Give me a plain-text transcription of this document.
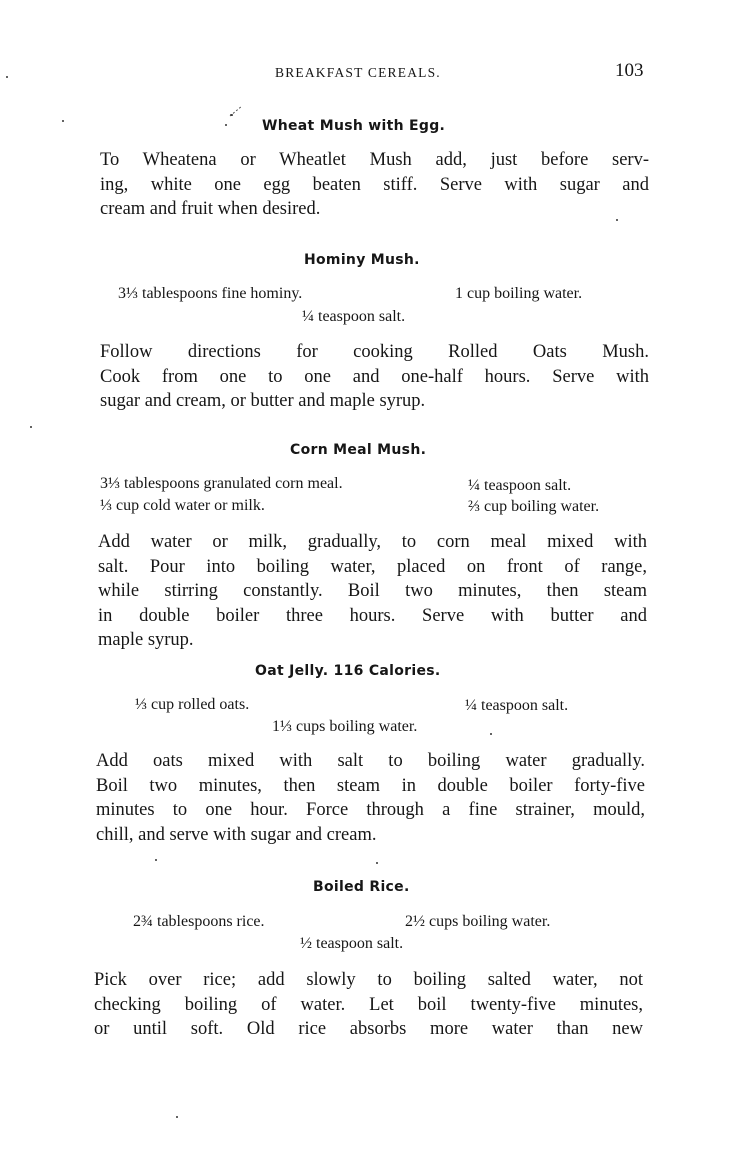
BREAKFAST CEREALS.	103
Wheat Mush with Egg.
To Wheatena or Wheatlet Mush add, just before serv-
ing, white one egg beaten stiff. Serve with sugar and
cream and fruit when desired.
Hominy Mush.
3⅓ tablespoons fine hominy.	1 cup boiling water.
¼ teaspoon salt.
Follow directions for cooking Rolled Oats Mush.
Cook from one to one and one-half hours. Serve with
sugar and cream, or butter and maple syrup.
Corn Meal Mush.
3⅓ tablespoons granulated corn meal.	¼ teaspoon salt.
⅓ cup cold water or milk.	⅔ cup boiling water.
Add water or milk, gradually, to corn meal mixed with
salt. Pour into boiling water, placed on front of range,
while stirring constantly. Boil two minutes, then steam
in double boiler three hours. Serve with butter and
maple syrup.
Oat Jelly. 116 Calories.
⅓ cup rolled oats.	¼ teaspoon salt.
1⅓ cups boiling water.
Add oats mixed with salt to boiling water gradually.
Boil two minutes, then steam in double boiler forty-five
minutes to one hour. Force through a fine strainer, mould,
chill, and serve with sugar and cream.
Boiled Rice.
2¾ tablespoons rice.	2½ cups boiling water.
½ teaspoon salt.
Pick over rice; add slowly to boiling salted water, not
checking boiling of water. Let boil twenty-five minutes,
or until soft. Old rice absorbs more water than new
